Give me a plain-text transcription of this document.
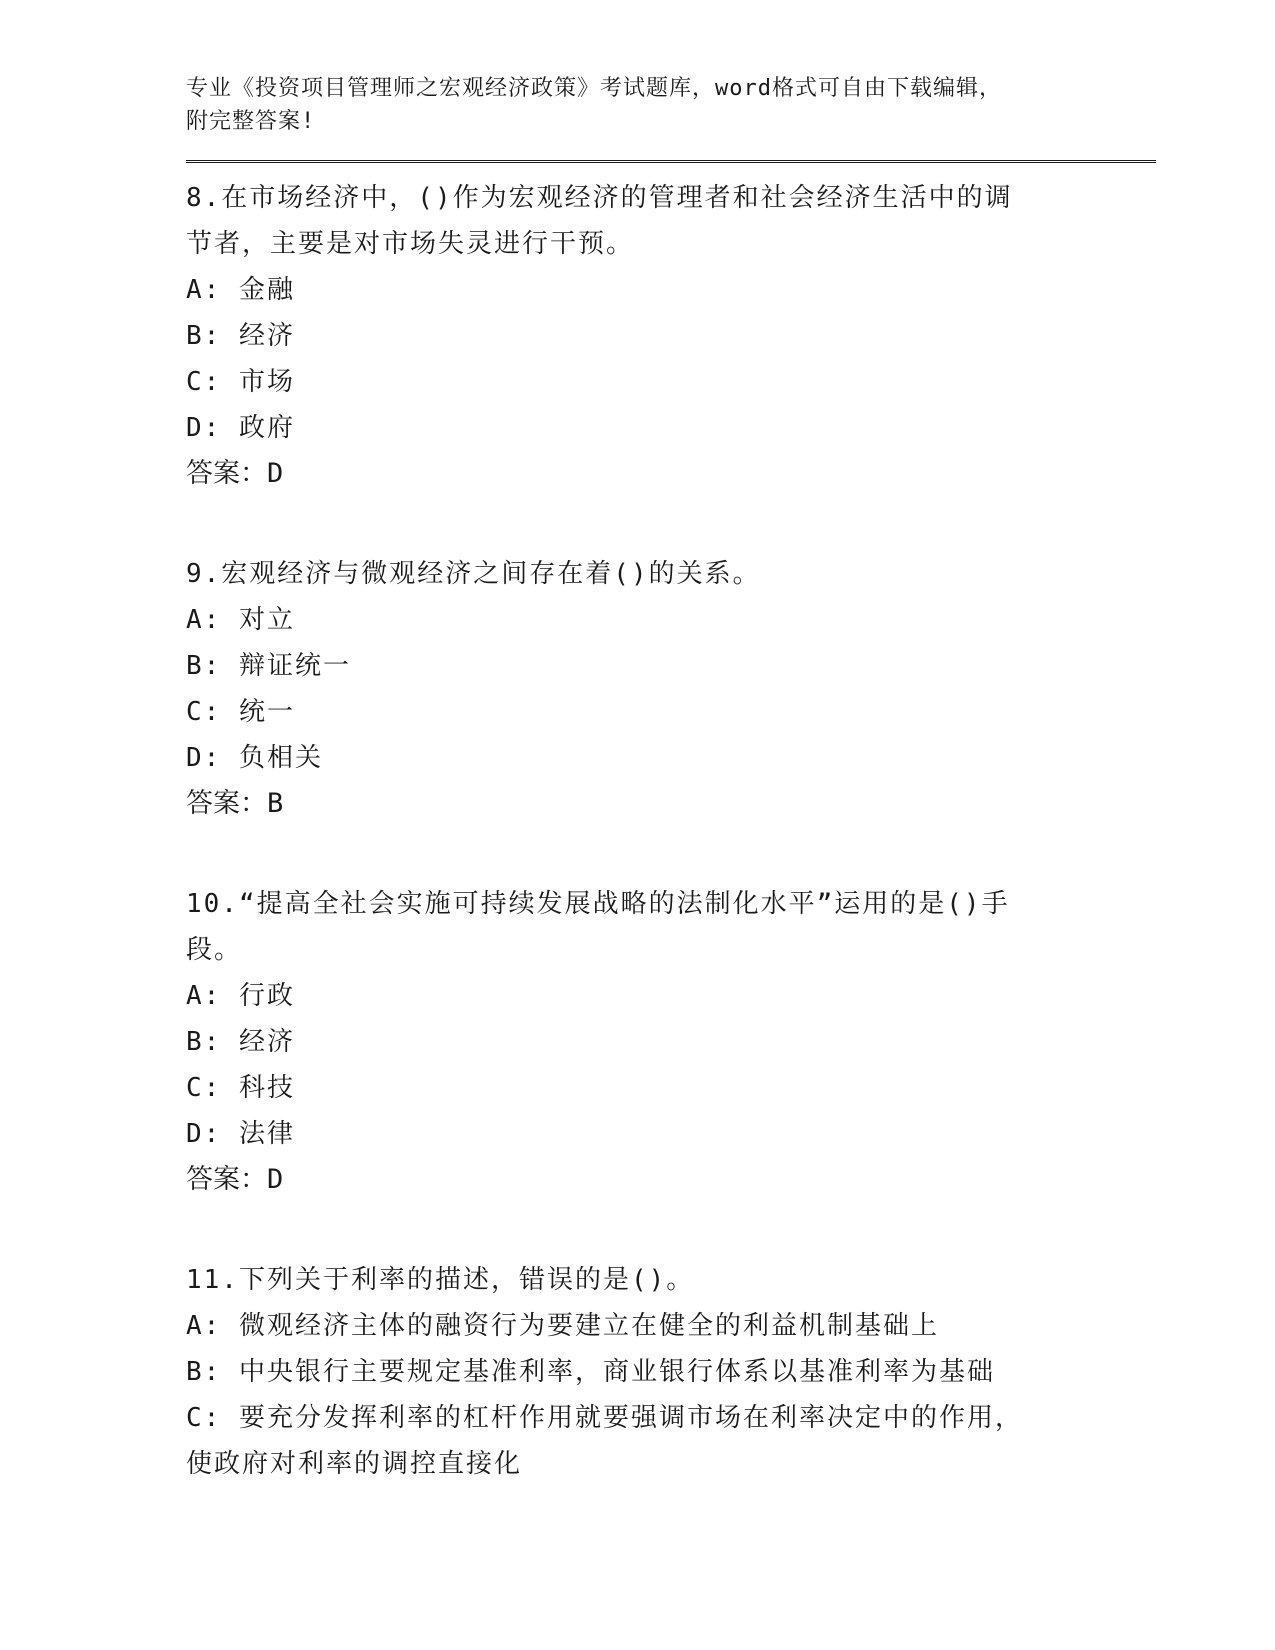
专业《投资项目管理师之宏观经济政策》考试题库，word格式可自由下载编辑，
附完整答案!
8.在市场经济中，()作为宏观经济的管理者和社会经济生活中的调节者，主要是对市场失灵进行干预。
A: 金融
B: 经济
C: 市场
D: 政府
答案：D
9.宏观经济与微观经济之间存在着()的关系。
A: 对立
B: 辩证统一
C: 统一
D: 负相关
答案：B
10.“提高全社会实施可持续发展战略的法制化水平”运用的是()手段。
A: 行政
B: 经济
C: 科技
D: 法律
答案：D
11.下列关于利率的描述，错误的是()。
A: 微观经济主体的融资行为要建立在健全的利益机制基础上
B: 中央银行主要规定基准利率，商业银行体系以基准利率为基础
C: 要充分发挥利率的杠杆作用就要强调市场在利率决定中的作用，使政府对利率的调控直接化
